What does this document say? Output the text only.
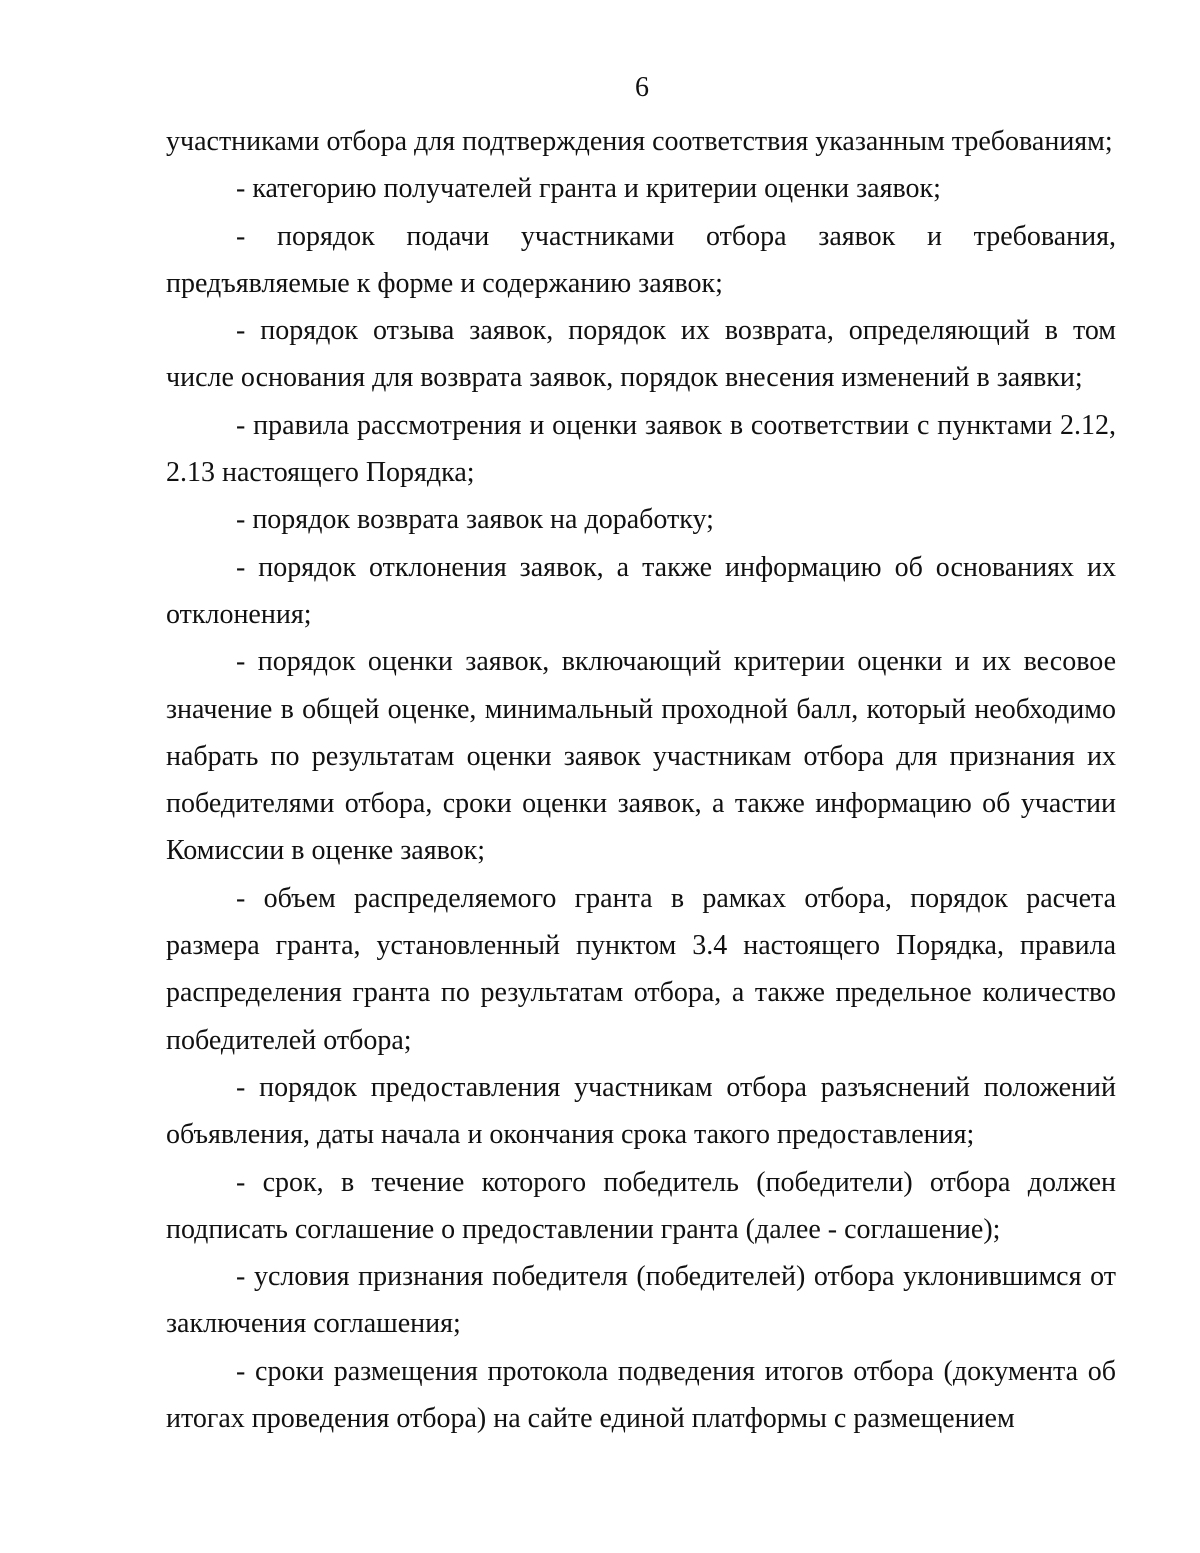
6

участниками отбора для подтверждения соответствия указанным требованиям;

- категорию получателей гранта и критерии оценки заявок;

- порядок подачи участниками отбора заявок и требования, предъявляемые к форме и содержанию заявок;

- порядок отзыва заявок, порядок их возврата, определяющий в том числе основания для возврата заявок, порядок внесения изменений в заявки;

- правила рассмотрения и оценки заявок в соответствии с пунктами 2.12, 2.13 настоящего Порядка;

- порядок возврата заявок на доработку;

- порядок отклонения заявок, а также информацию об основаниях их отклонения;

- порядок оценки заявок, включающий критерии оценки и их весовое значение в общей оценке, минимальный проходной балл, который необходимо набрать по результатам оценки заявок участникам отбора для признания их победителями отбора, сроки оценки заявок, а также информацию об участии Комиссии в оценке заявок;

- объем распределяемого гранта в рамках отбора, порядок расчета размера гранта, установленный пунктом 3.4 настоящего Порядка, правила распределения гранта по результатам отбора, а также предельное количество победителей отбора;

- порядок предоставления участникам отбора разъяснений положений объявления, даты начала и окончания срока такого предоставления;

- срок, в течение которого победитель (победители) отбора должен подписать соглашение о предоставлении гранта (далее - соглашение);

- условия признания победителя (победителей) отбора уклонившимся от заключения соглашения;

- сроки размещения протокола подведения итогов отбора (документа об итогах проведения отбора) на сайте единой платформы с размещением
